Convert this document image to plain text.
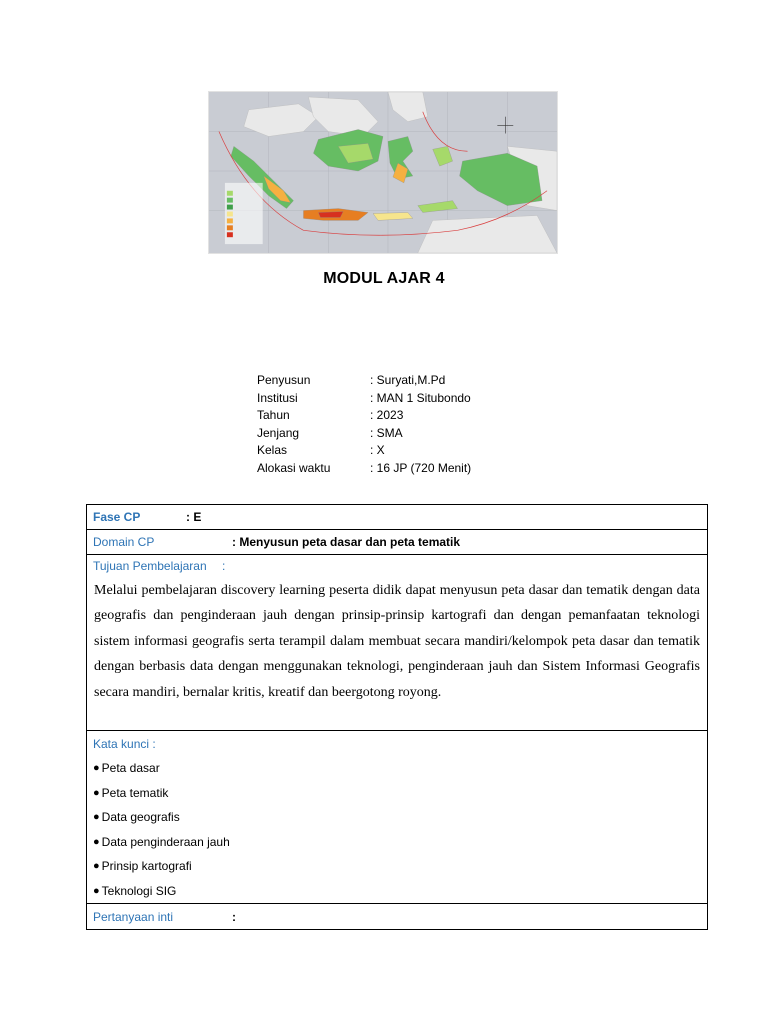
MODUL AJAR 4
Penyusun	: Suryati,M.Pd
Institusi	: MAN 1 Situbondo
Tahun	: 2023
Jenjang	: SMA
Kelas	: X
Alokasi waktu	: 16 JP (720 Menit)
Fase CP	: E
Domain CP	: Menyusun peta dasar dan peta tematik
Tujuan Pembelajaran	:
Melalui pembelajaran discovery learning peserta didik dapat menyusun peta dasar dan tematik dengan data geografis dan penginderaan jauh dengan prinsip-prinsip kartografi dan dengan pemanfaatan teknologi sistem informasi geografis serta terampil dalam membuat secara mandiri/kelompok peta dasar dan tematik dengan berbasis data dengan menggunakan teknologi, penginderaan jauh dan Sistem Informasi Geografis secara mandiri, bernalar kritis, kreatif dan beergotong royong.
Kata kunci :
● Peta dasar
● Peta tematik
● Data geografis
● Data penginderaan jauh
● Prinsip kartografi
● Teknologi SIG
Pertanyaan inti	:
